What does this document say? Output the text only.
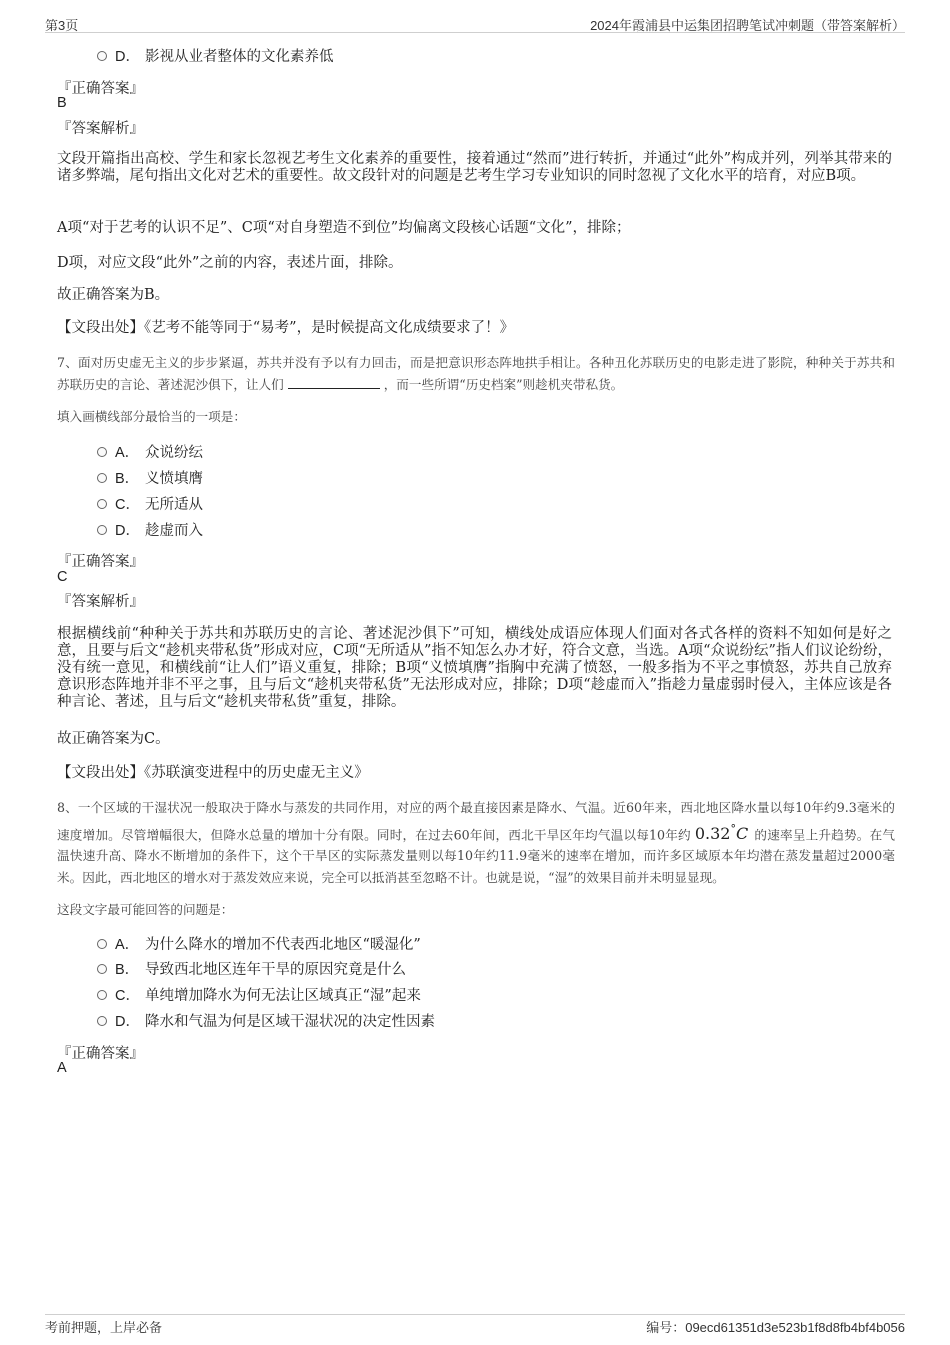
第3页	2024年霞浦县中运集团招聘笔试冲刺题（带答案解析）
D． 影视从业者整体的文化素养低
『正确答案』
B
『答案解析』

文段开篇指出高校、学生和家长忽视艺考生文化素养的重要性，接着通过“然而”进行转折，并通过“此外”构成并列，列举其带来的诸多弊端，尾句指出文化对艺术的重要性。故文段针对的问题是艺考生学习专业知识的同时忽视了文化水平的培育，对应B项。

A项“对于艺考的认识不足”、C项“对自身塑造不到位”均偏离文段核心话题“文化”，排除；

D项，对应文段“此外”之前的内容，表述片面，排除。

故正确答案为B。

【文段出处】《艺考不能等同于“易考”，是时候提高文化成绩要求了！》

7、面对历史虚无主义的步步紧逼，苏共并没有予以有力回击，而是把意识形态阵地拱手相让。各种丑化苏联历史的电影走进了影院，种种关于苏共和苏联历史的言论、著述泥沙俱下，让人们	，而一些所谓“历史档案”则趁机夹带私货。

填入画横线部分最恰当的一项是：

A． 众说纷纭
B． 义愤填膺
C． 无所适从
D． 趁虚而入
『正确答案』
C
『答案解析』

根据横线前“种种关于苏共和苏联历史的言论、著述泥沙俱下”可知，横线处成语应体现人们面对各式各样的资料不知如何是好之意，且要与后文“趁机夹带私货”形成对应，C项“无所适从”指不知怎么办才好，符合文意，当选。A项“众说纷纭”指人们议论纷纷，没有统一意见，和横线前“让人们”语义重复，排除；B项“义愤填膺”指胸中充满了愤怒，一般多指为不平之事愤怒，苏共自己放弃意识形态阵地并非不平之事，且与后文“趁机夹带私货”无法形成对应，排除；D项“趁虚而入”指趁力量虚弱时侵入，主体应该是各种言论、著述，且与后文“趁机夹带私货”重复，排除。

故正确答案为C。

【文段出处】《苏联演变进程中的历史虚无主义》

8、一个区域的干湿状况一般取决于降水与蒸发的共同作用，对应的两个最直接因素是降水、气温。近60年来，西北地区降水量以每10年约9.3毫米的速度增加。尽管增幅很大，但降水总量的增加十分有限。同时，在过去60年间，西北干旱区年均气温以每10年约 0.32°C 的速率呈上升趋势。在气温快速升高、降水不断增加的条件下，这个干旱区的实际蒸发量则以每10年约11.9毫米的速率在增加，而许多区域原本年均潜在蒸发量超过2000毫米。因此，西北地区的增水对于蒸发效应来说，完全可以抵消甚至忽略不计。也就是说，“湿”的效果目前并未明显显现。

这段文字最可能回答的问题是：

A． 为什么降水的增加不代表西北地区“暖湿化”
B． 导致西北地区连年干旱的原因究竟是什么
C． 单纯增加降水为何无法让区域真正“湿”起来
D． 降水和气温为何是区域干湿状况的决定性因素
『正确答案』
A
考前押题，上岸必备	编号：09ecd61351d3e523b1f8d8fb4bf4b056
